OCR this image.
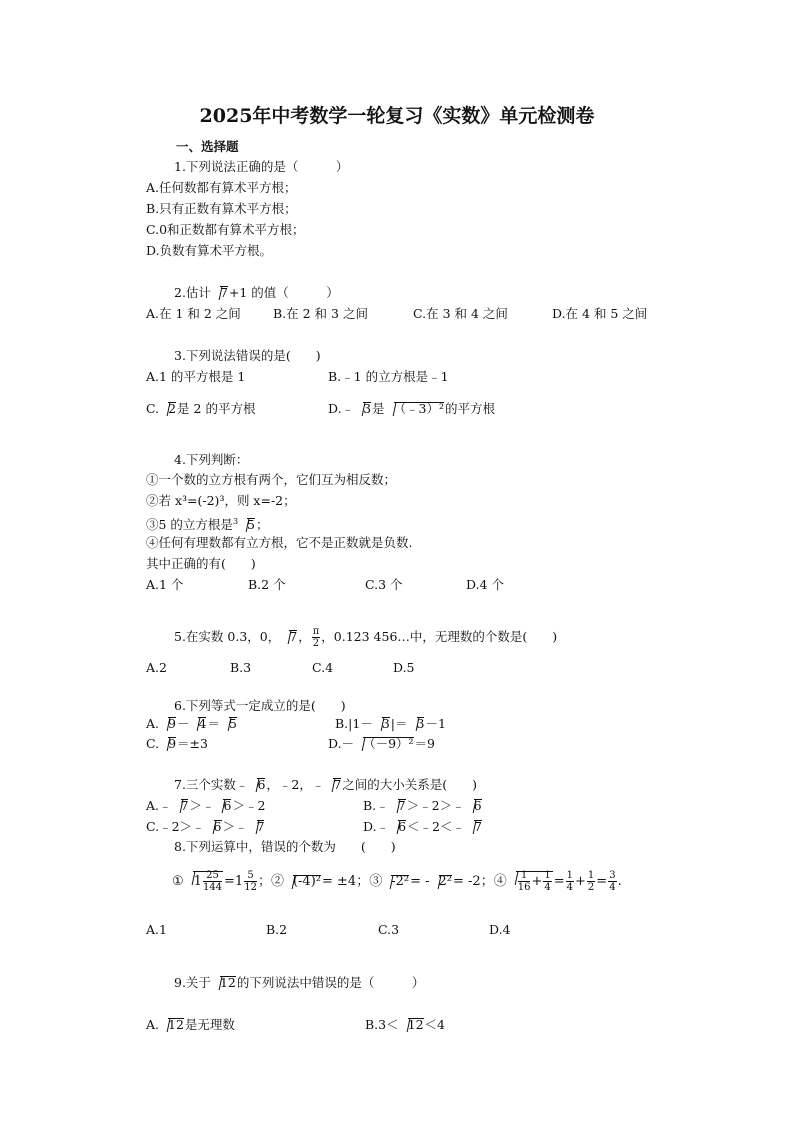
2025年中考数学一轮复习《实数》单元检测卷
一、选择题
1.下列说法正确的是（　　　）
A.任何数都有算术平方根；
B.只有正数有算术平方根；
C.0和正数都有算术平方根；
D.负数有算术平方根。
2.估计 7+1 的值（　　　）
A.在 1 和 2 之间	B.在 2 和 3 之间	C.在 3 和 4 之间	D.在 4 和 5 之间
3.下列说法错误的是(　　)
A.1 的平方根是 1	B.﹣1 的立方根是﹣1
C. 2是 2 的平方根	D.﹣ 3是 （﹣3）²的平方根
4.下列判断：
①一个数的立方根有两个，它们互为相反数；
②若 x³=(-2)³，则 x=-2；
③5 的立方根是$^3$ 5；
④任何有理数都有立方根，它不是正数就是负数.
其中正确的有(　　)
A.1 个	B.2 个	C.3 个	D.4 个
5.在实数 0.3，0， 7， $\frac{\pi}{2}$ ，0.123 456…中，无理数的个数是(　　)
A.2	B.3	C.4	D.5
6.下列等式一定成立的是(　　)
A. 9－ 4＝ 5	B.|1－ 3|＝ 3－1
C. 9＝±3	D.－ （－9）²＝9
7.三个实数﹣ 6，﹣2，﹣ 7之间的大小关系是(　　)
A.﹣ 7＞﹣ 6＞﹣2	B.﹣ 7＞﹣2＞﹣ 6
C.﹣2＞﹣ 6＞﹣ 7	D.﹣ 6＜﹣2＜﹣ 7
8.下列运算中，错误的个数为　　(　　)
① $1 \frac{25}{144} =1 \frac{5}{12}$ ；② (-4)²= ±4；③ -2²= - 2²= -2；④ $\frac{1}{16} + \frac{1}{4} = \frac{1}{4} + \frac{1}{2} = \frac{3}{4}$ .
A.1	B.2	C.3	D.4
9.关于 12的下列说法中错误的是（　　　）
A. 12是无理数	B.3＜ 12＜4
